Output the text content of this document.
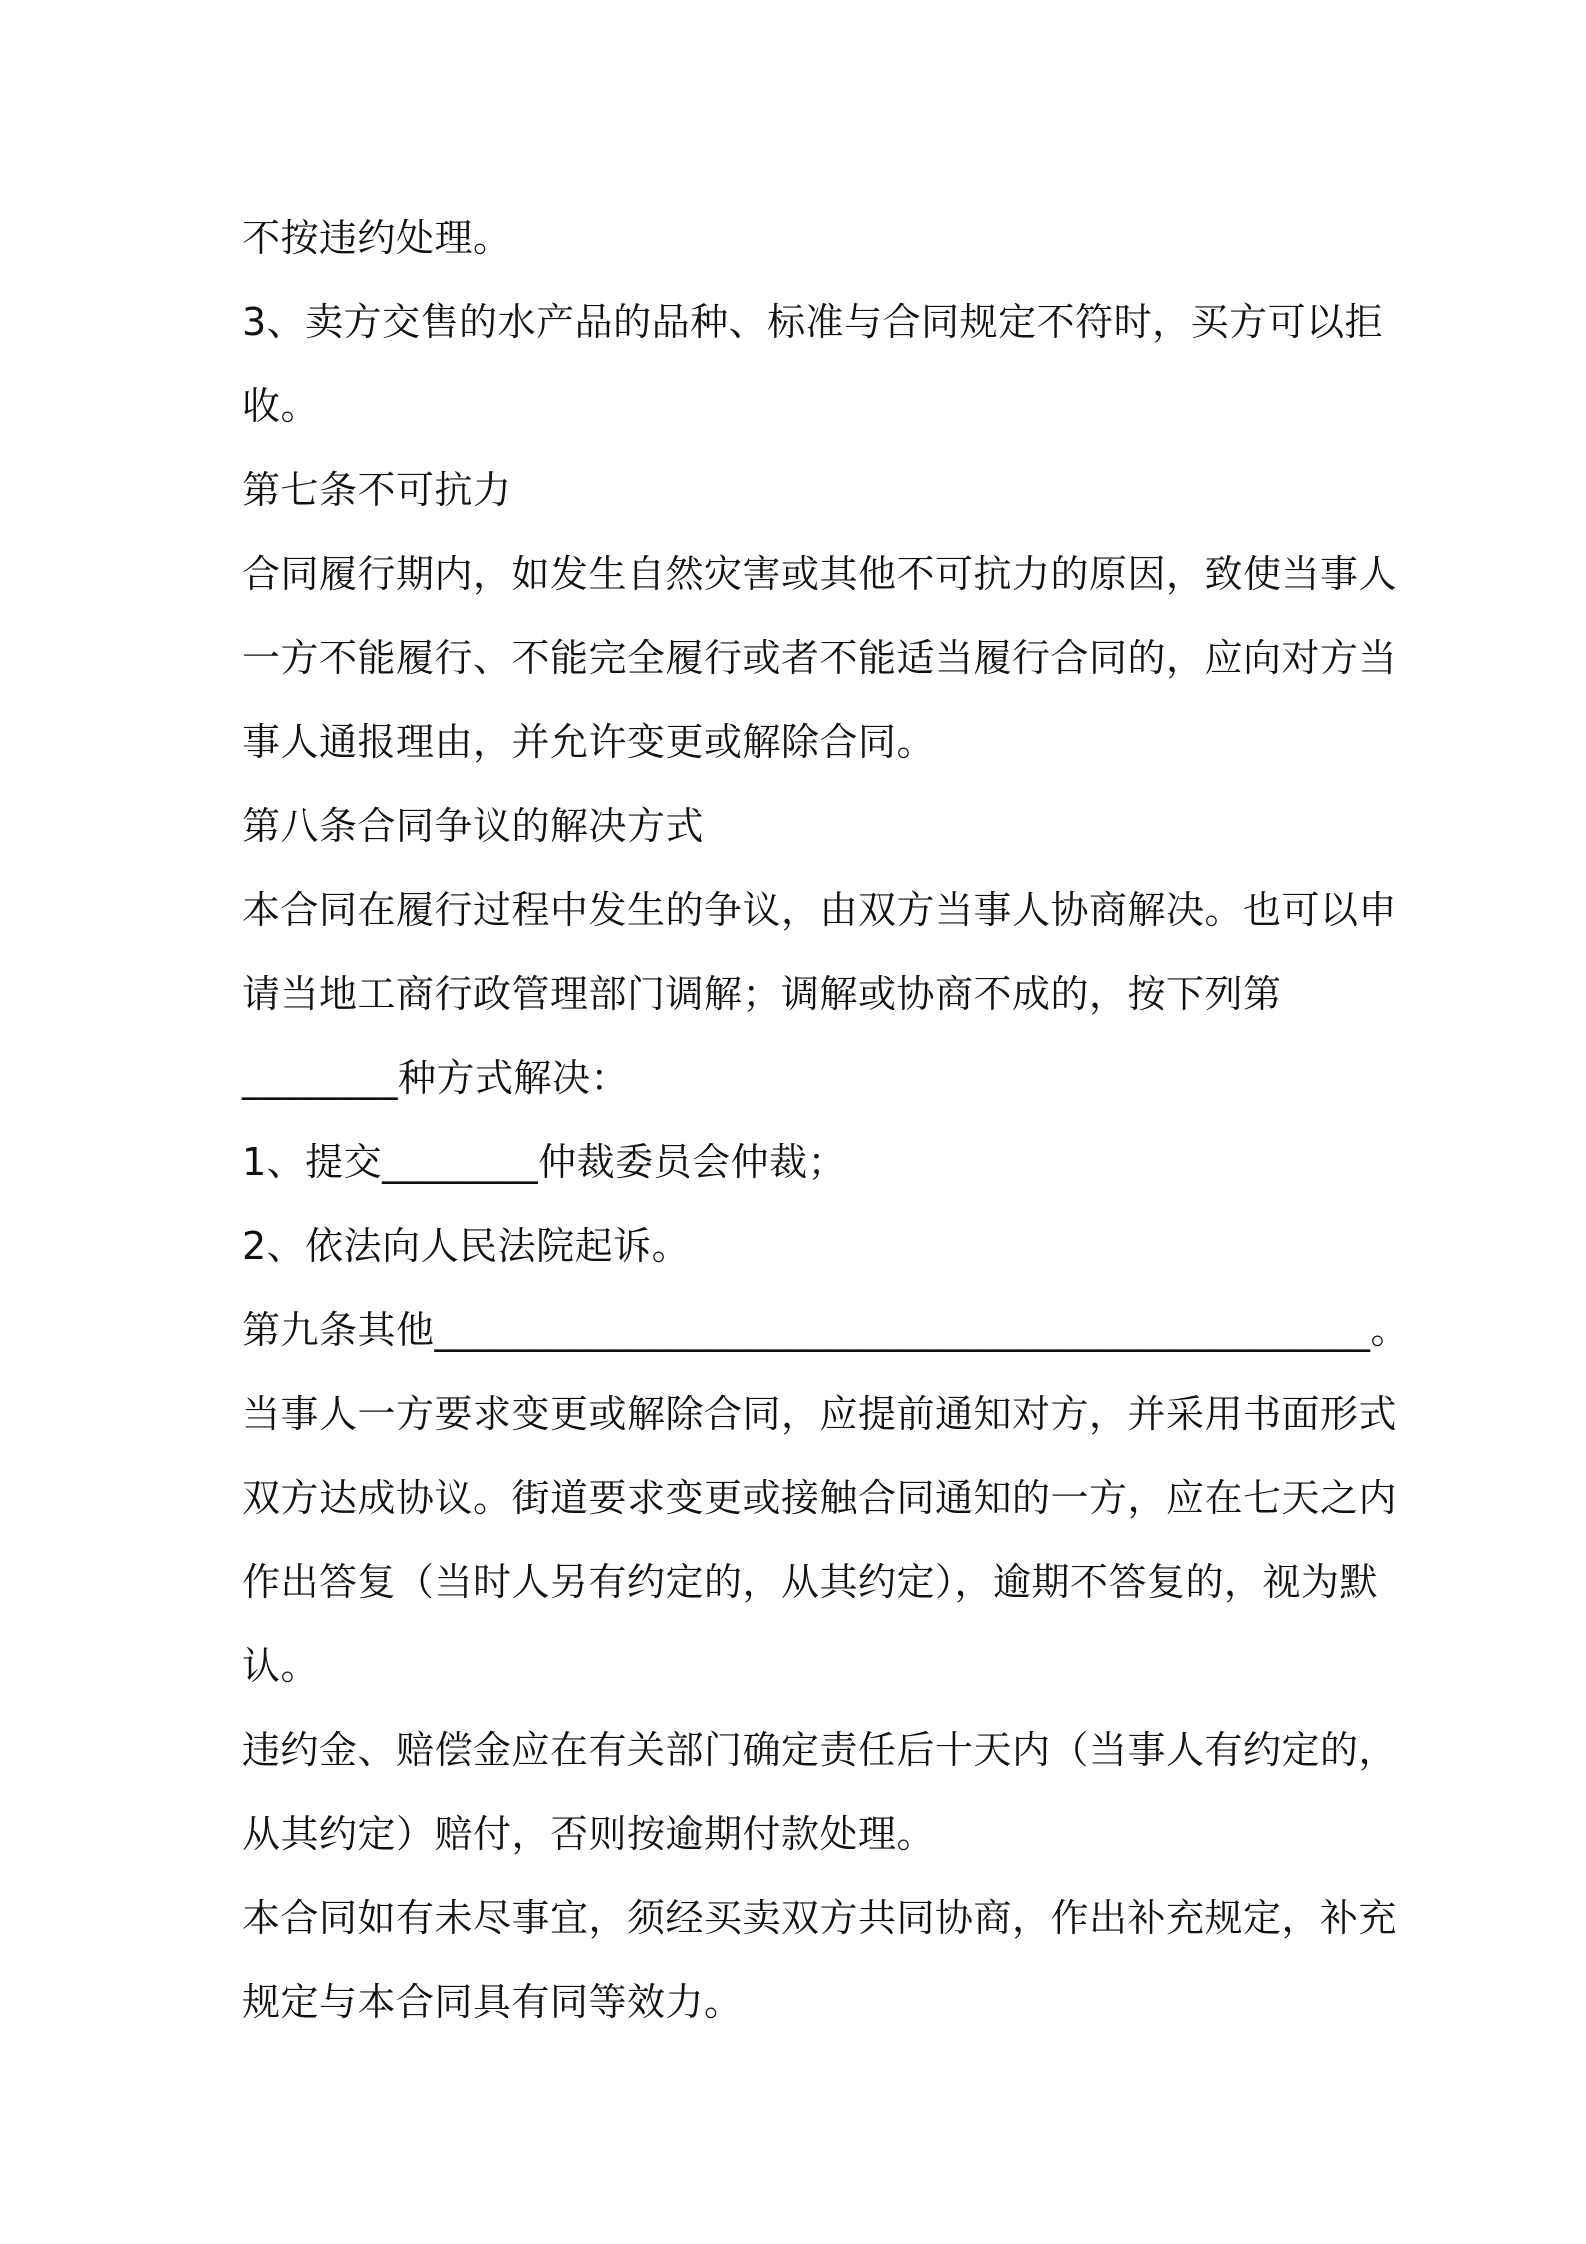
不按违约处理。
3、卖方交售的水产品的品种、标准与合同规定不符时，买方可以拒
收。
第七条不可抗力
合同履行期内，如发生自然灾害或其他不可抗力的原因，致使当事人
一方不能履行、不能完全履行或者不能适当履行合同的，应向对方当
事人通报理由，并允许变更或解除合同。
第八条合同争议的解决方式
本合同在履行过程中发生的争议，由双方当事人协商解决。也可以申
请当地工商行政管理部门调解；调解或协商不成的，按下列第
________种方式解决：
1、提交________仲裁委员会仲裁；
2、依法向人民法院起诉。
第九条其他________________________________________________。
当事人一方要求变更或解除合同，应提前通知对方，并采用书面形式
双方达成协议。街道要求变更或接触合同通知的一方，应在七天之内
作出答复（当时人另有约定的，从其约定），逾期不答复的，视为默
认。
违约金、赔偿金应在有关部门确定责任后十天内（当事人有约定的，
从其约定）赔付，否则按逾期付款处理。
本合同如有未尽事宜，须经买卖双方共同协商，作出补充规定，补充
规定与本合同具有同等效力。
